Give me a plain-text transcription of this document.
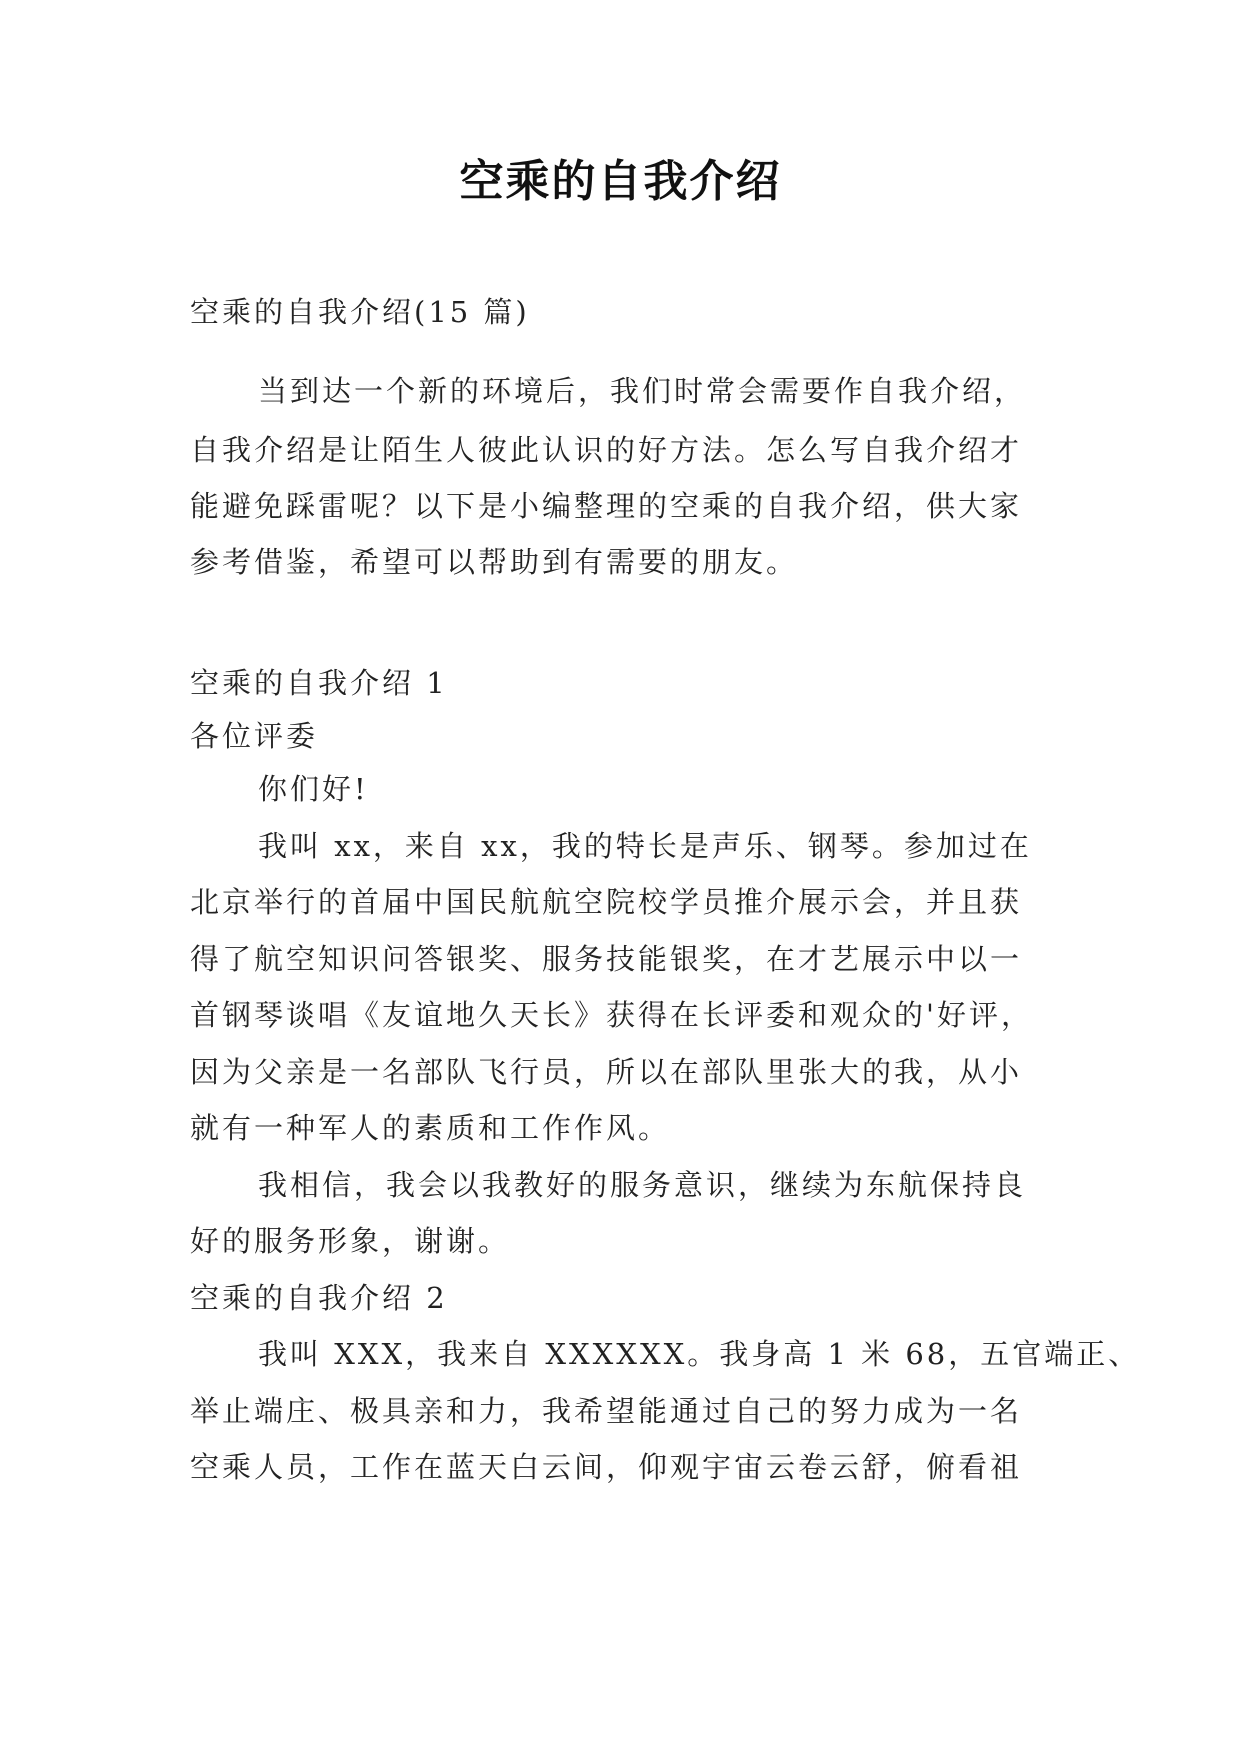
空乘的自我介绍
空乘的自我介绍(15 篇)
当到达一个新的环境后，我们时常会需要作自我介绍，
自我介绍是让陌生人彼此认识的好方法。怎么写自我介绍才
能避免踩雷呢？以下是小编整理的空乘的自我介绍，供大家
参考借鉴，希望可以帮助到有需要的朋友。
空乘的自我介绍 1
各位评委
你们好!
我叫 xx，来自 xx，我的特长是声乐、钢琴。参加过在
北京举行的首届中国民航航空院校学员推介展示会，并且获
得了航空知识问答银奖、服务技能银奖，在才艺展示中以一
首钢琴谈唱《友谊地久天长》获得在长评委和观众的'好评，
因为父亲是一名部队飞行员，所以在部队里张大的我，从小
就有一种军人的素质和工作作风。
我相信，我会以我教好的服务意识，继续为东航保持良
好的服务形象，谢谢。
空乘的自我介绍 2
我叫 XXX，我来自 XXXXXX。我身高 1 米 68，五官端正、
举止端庄、极具亲和力，我希望能通过自己的努力成为一名
空乘人员，工作在蓝天白云间，仰观宇宙云卷云舒，俯看祖
